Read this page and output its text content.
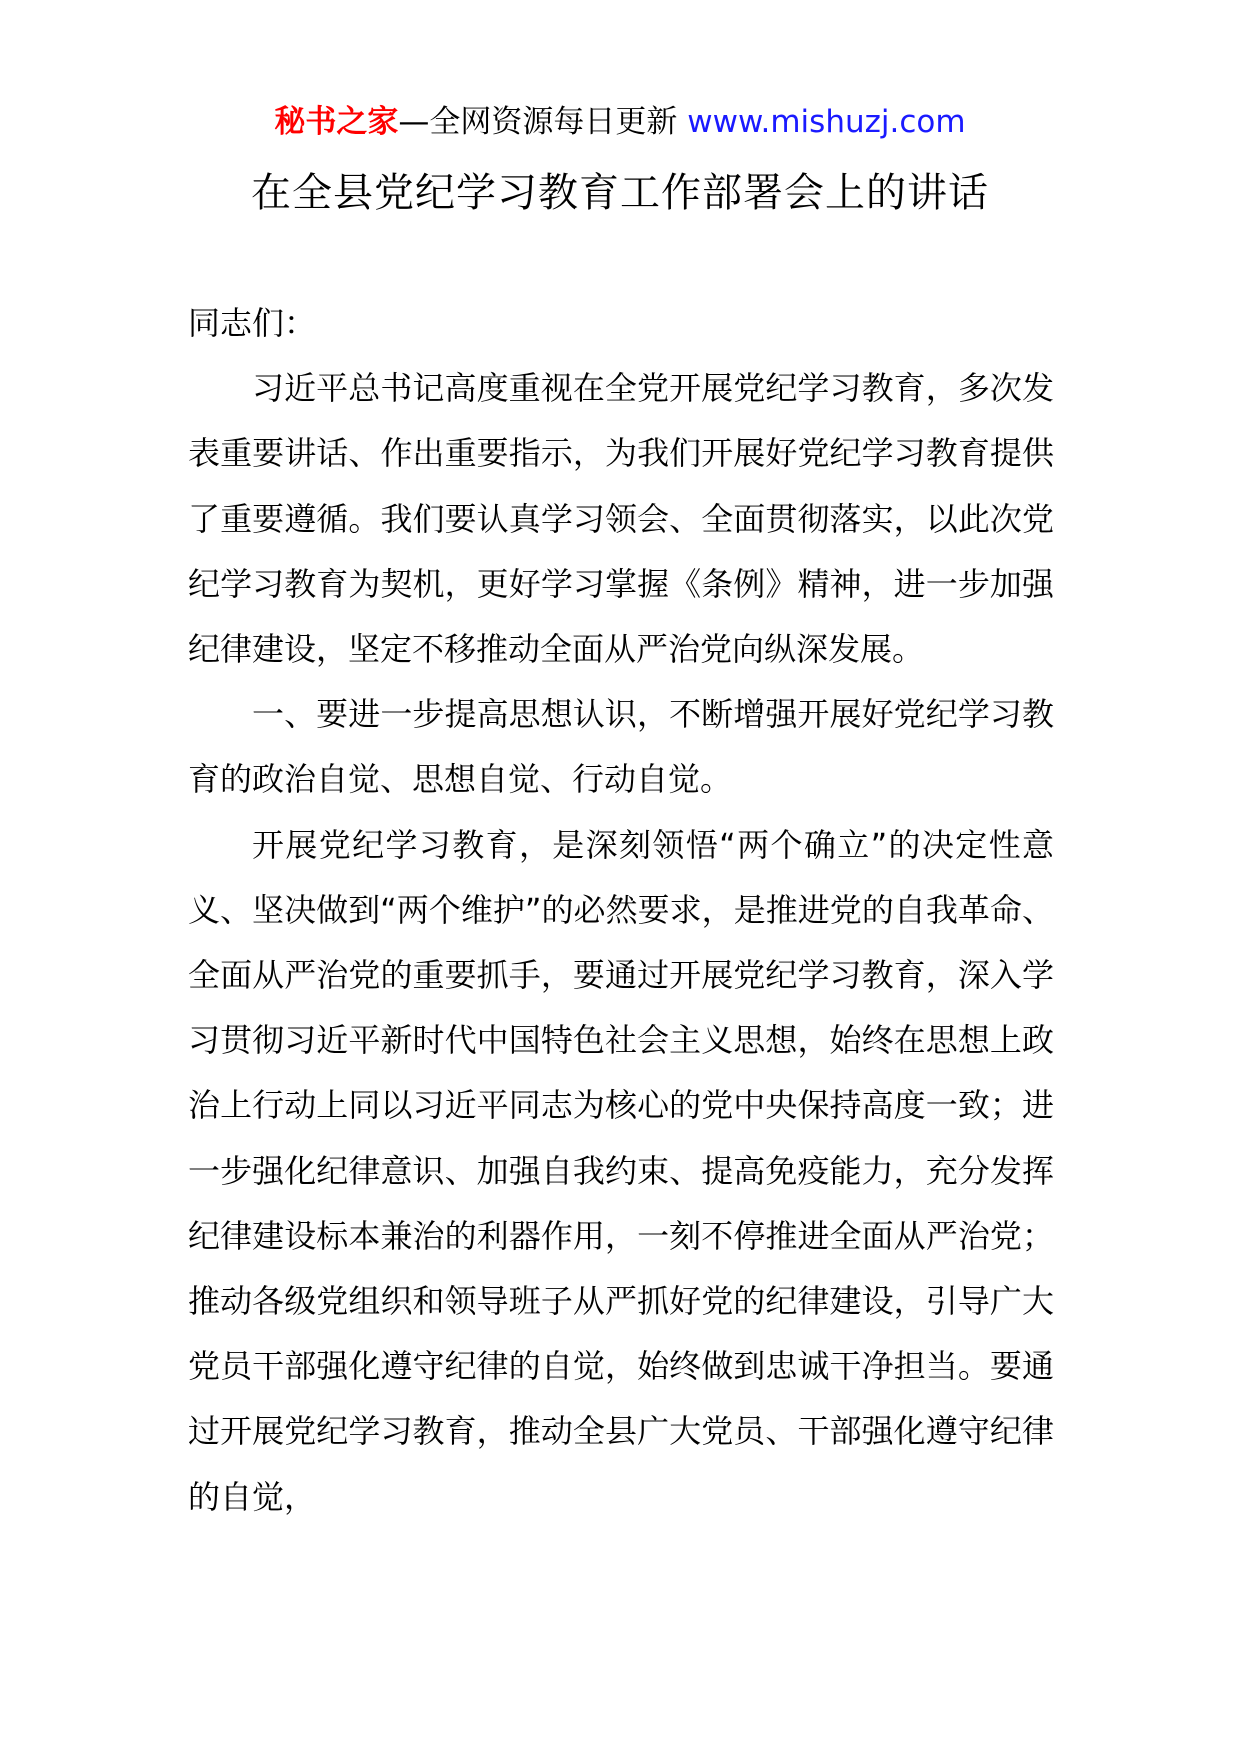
秘书之家—全网资源每日更新 www.mishuzj.com
在全县党纪学习教育工作部署会上的讲话

同志们：

习近平总书记高度重视在全党开展党纪学习教育，多次发表重要讲话、作出重要指示，为我们开展好党纪学习教育提供了重要遵循。我们要认真学习领会、全面贯彻落实，以此次党纪学习教育为契机，更好学习掌握《条例》精神，进一步加强纪律建设，坚定不移推动全面从严治党向纵深发展。

一、要进一步提高思想认识，不断增强开展好党纪学习教育的政治自觉、思想自觉、行动自觉。

开展党纪学习教育，是深刻领悟“两个确立”的决定性意义、坚决做到“两个维护”的必然要求，是推进党的自我革命、全面从严治党的重要抓手，要通过开展党纪学习教育，深入学习贯彻习近平新时代中国特色社会主义思想，始终在思想上政治上行动上同以习近平同志为核心的党中央保持高度一致；进一步强化纪律意识、加强自我约束、提高免疫能力，充分发挥纪律建设标本兼治的利器作用，一刻不停推进全面从严治党；推动各级党组织和领导班子从严抓好党的纪律建设，引导广大党员干部强化遵守纪律的自觉，始终做到忠诚干净担当。要通过开展党纪学习教育，推动全县广大党员、干部强化遵守纪律的自觉，
